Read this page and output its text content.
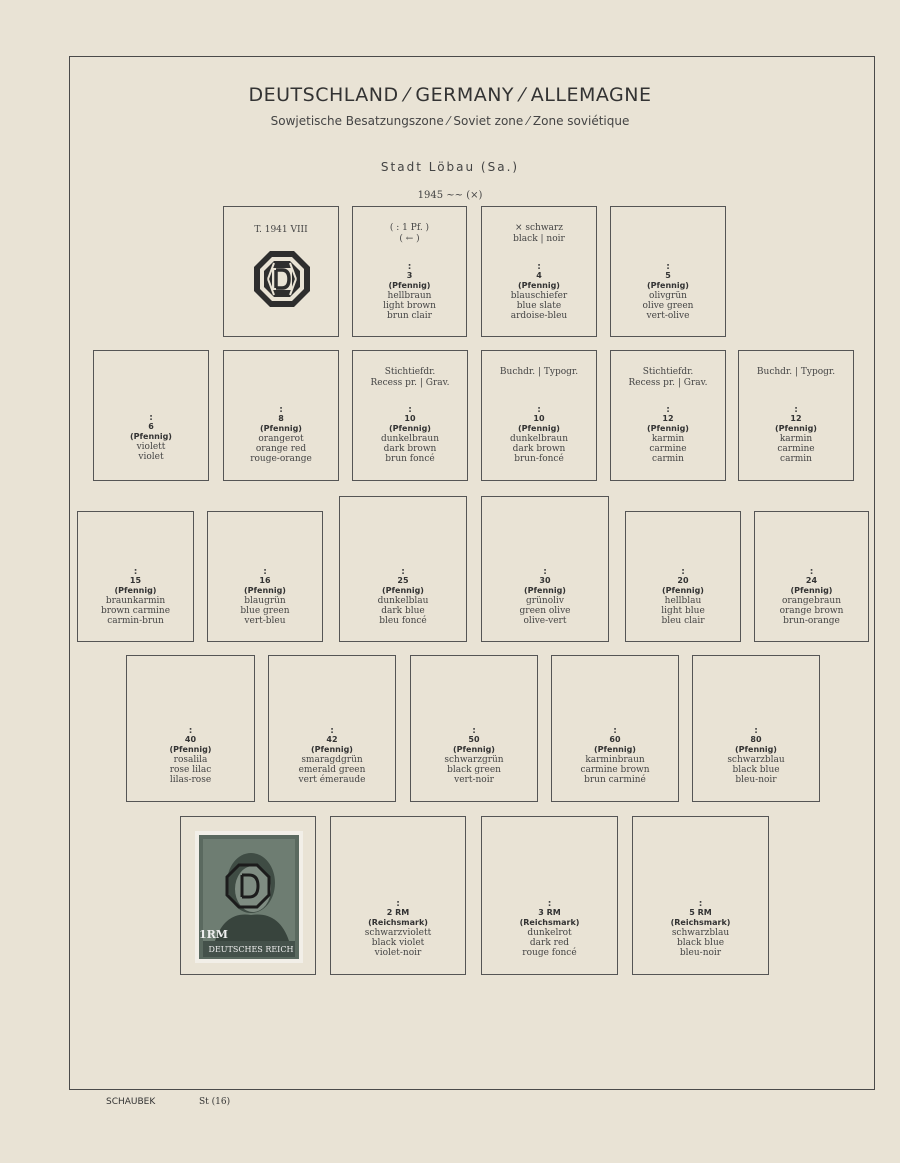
DEUTSCHLAND ⁄ GERMANY ⁄ ALLEMAGNE
Sowjetische Besatzungszone ⁄ Soviet zone ⁄ Zone soviétique
Stadt Löbau (Sa.)
1945 ~~ (×)
T. 1941 VIII
1RM
DEUTSCHES REICH
( : 1 Pf. )
( ← )
:
3
(Pfennig)
hellbraun
light brown
brun clair
× schwarz
black | noir
:
4
(Pfennig)
blauschiefer
blue slate
ardoise-bleu
:
5
(Pfennig)
olivgrün
olive green
vert-olive
:
6
(Pfennig)
violett
violet
:
8
(Pfennig)
orangerot
orange red
rouge-orange
Stichtiefdr.
Recess pr. | Grav.
:
10
(Pfennig)
dunkelbraun
dark brown
brun foncé
Buchdr. | Typogr.
:
10
(Pfennig)
dunkelbraun
dark brown
brun-foncé
Stichtiefdr.
Recess pr. | Grav.
:
12
(Pfennig)
karmin
carmine
carmin
Buchdr. | Typogr.
:
12
(Pfennig)
karmin
carmine
carmin
:
15
(Pfennig)
braunkarmin
brown carmine
carmin-brun
:
16
(Pfennig)
blaugrün
blue green
vert-bleu
:
25
(Pfennig)
dunkelblau
dark blue
bleu foncé
:
30
(Pfennig)
grünoliv
green olive
olive-vert
:
20
(Pfennig)
hellblau
light blue
bleu clair
:
24
(Pfennig)
orangebraun
orange brown
brun-orange
:
40
(Pfennig)
rosalila
rose lilac
lilas-rose
:
42
(Pfennig)
smaragdgrün
emerald green
vert émeraude
:
50
(Pfennig)
schwarzgrün
black green
vert-noir
:
60
(Pfennig)
karminbraun
carmine brown
brun carminé
:
80
(Pfennig)
schwarzblau
black blue
bleu-noir
:
2 RM
(Reichsmark)
schwarzviolett
black violet
violet-noir
:
3 RM
(Reichsmark)
dunkelrot
dark red
rouge foncé
:
5 RM
(Reichsmark)
schwarzblau
black blue
bleu-noir
SCHAUBEK	St (16)
